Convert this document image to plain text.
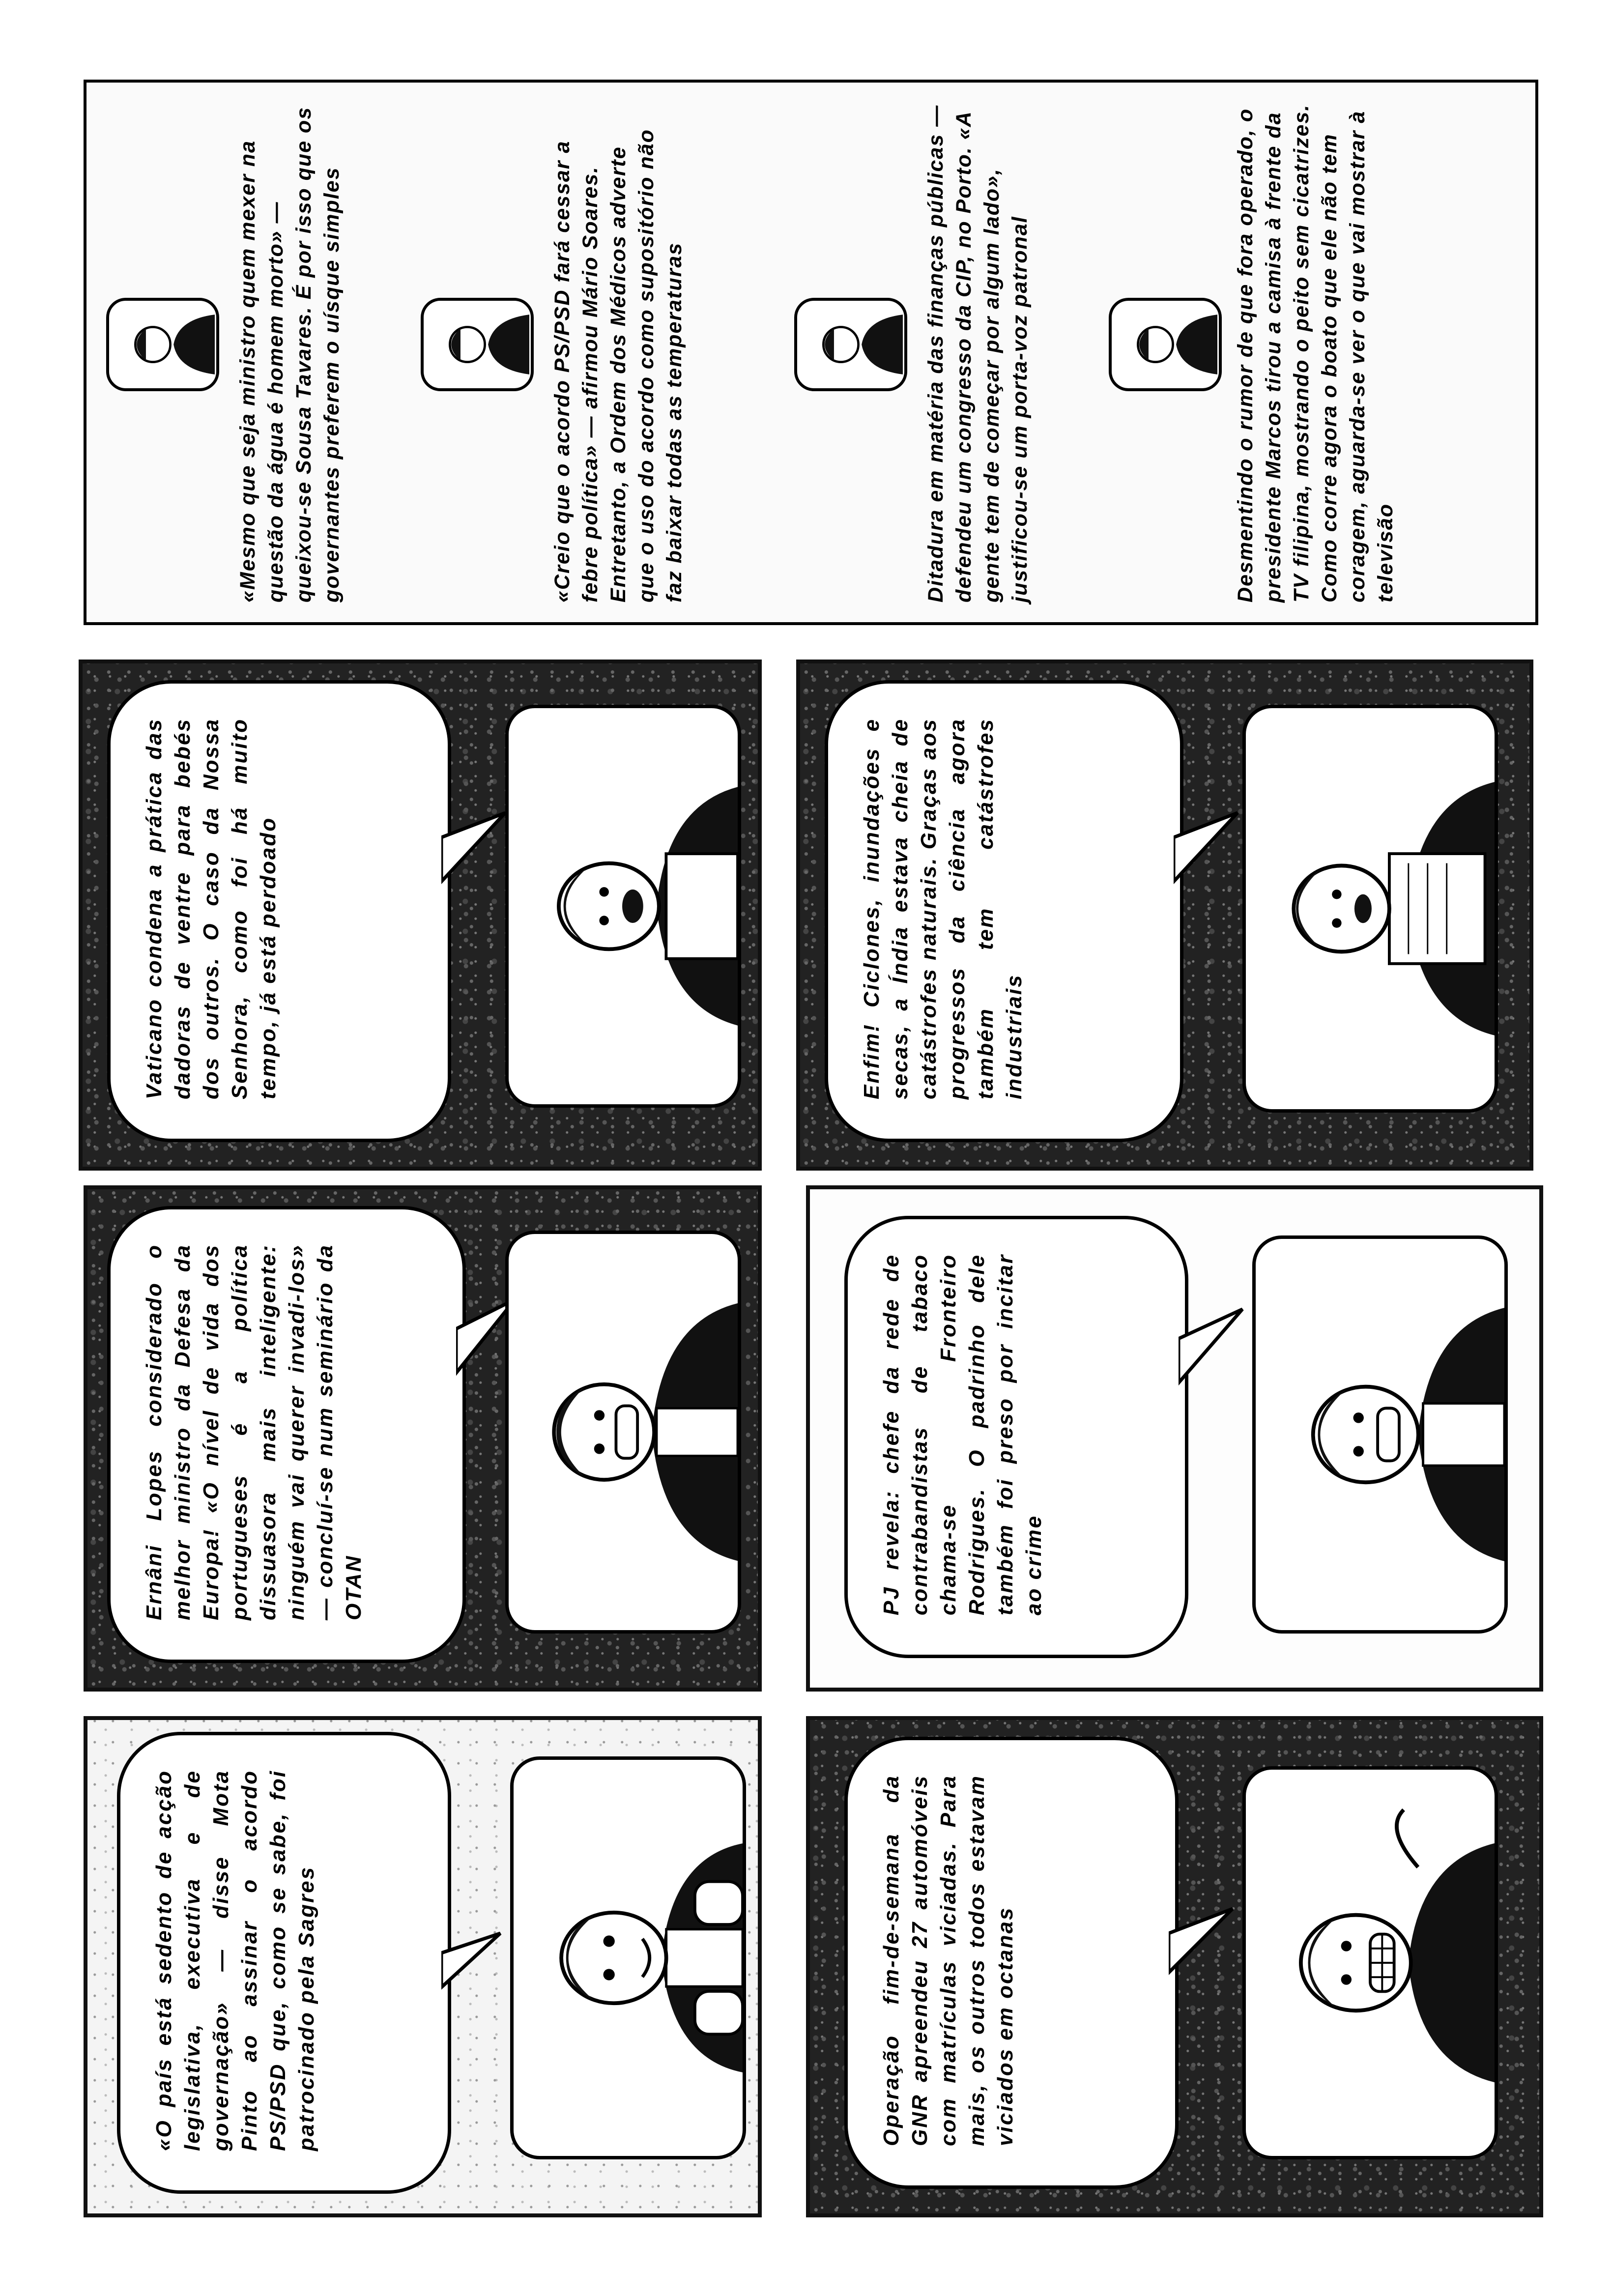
«O país está sedento de acção legislativa, executiva e de governação» — disse Mota Pinto ao assinar o acordo PS/PSD que, como se sabe, foi patrocinado pela Sagres	Operação fim-de-semana da GNR apreendeu 27 automóveis com matrículas viciadas. Para mais, os outros todos estavam viciados em octanas
Ernâni Lopes considerado o melhor ministro da Defesa da Europa! «O nível de vida dos portugueses é a política dissuasora mais inteligente: ninguém vai querer invadi-los» — concluí-se num seminário da OTAN	PJ revela: chefe da rede de contrabandistas de tabaco chama-se Fronteiro Rodrigues. O padrinho dele também foi preso por incitar ao crime
Vaticano condena a prática das dadoras de ventre para bebés dos outros. O caso da Nossa Senhora, como foi há muito tempo, já está perdoado	Enfim! Ciclones, inundações e secas, a Índia estava cheia de catástrofes naturais. Graças aos progressos da ciência agora também tem catástrofes industriais
«Mesmo que seja ministro quem mexer na questão da água é homem morto» — queixou-se Sousa Tavares. É por isso que os governantes preferem o uísque simples	«Creio que o acordo PS/PSD fará cessar a febre política» — afirmou Mário Soares. Entretanto, a Ordem dos Médicos adverte que o uso do acordo como supositório não faz baixar todas as temperaturas	Ditadura em matéria das finanças públicas — defendeu um congresso da CIP, no Porto. «A gente tem de começar por algum lado», justificou-se um porta-voz patronal	Desmentindo o rumor de que fora operado, o presidente Marcos tirou a camisa à frente da TV filipina, mostrando o peito sem cicatrizes. Como corre agora o boato que ele não tem coragem, aguarda-se ver o que vai mostrar à televisão
